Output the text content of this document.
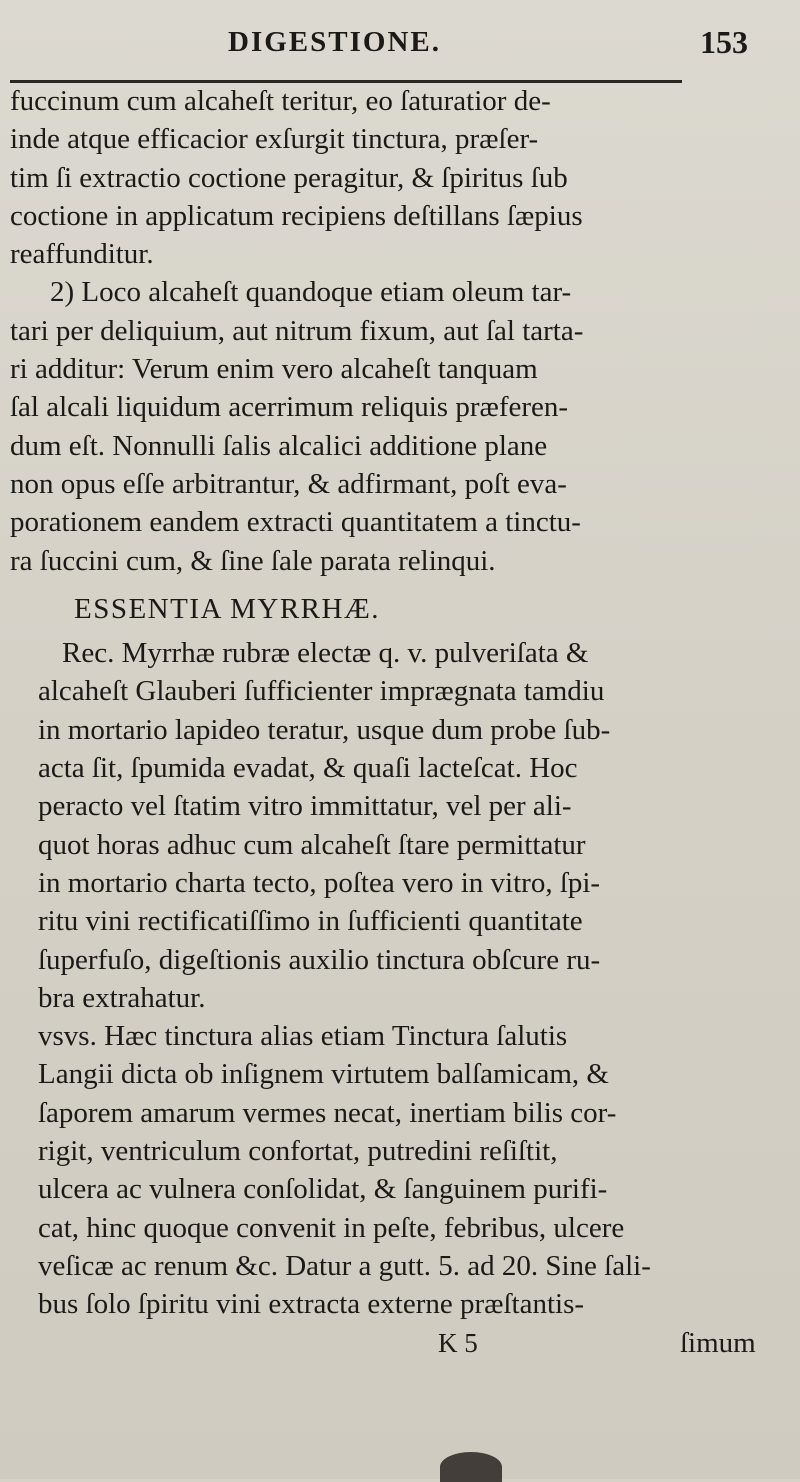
DIGESTIONE.	153
fuccinum cum alcaheſt teritur, eo ſaturatior de-
inde atque efficacior exſurgit tinctura, præſer-
tim ſi extractio coctione peragitur, & ſpiritus ſub
coctione in applicatum recipiens deſtillans ſæpius
reaffunditur.
2) Loco alcaheſt quandoque etiam oleum tar-
tari per deliquium, aut nitrum fixum, aut ſal tarta-
ri additur: Verum enim vero alcaheſt tanquam
ſal alcali liquidum acerrimum reliquis præferen-
dum eſt. Nonnulli ſalis alcalici additione plane
non opus eſſe arbitrantur, & adfirmant, poſt eva-
porationem eandem extracti quantitatem a tinctu-
ra ſuccini cum, & ſine ſale parata relinqui.
ESSENTIA MYRRHÆ.
Rec. Myrrhæ rubræ electæ q. v. pulveriſata &
alcaheſt Glauberi ſufficienter imprægnata tamdiu
in mortario lapideo teratur, usque dum probe ſub-
acta ſit, ſpumida evadat, & quaſi lacteſcat. Hoc
peracto vel ſtatim vitro immittatur, vel per ali-
quot horas adhuc cum alcaheſt ſtare permittatur
in mortario charta tecto, poſtea vero in vitro, ſpi-
ritu vini rectificatiſſimo in ſufficienti quantitate
ſuperfuſo, digeſtionis auxilio tinctura obſcure ru-
bra extrahatur.
vsvs. Hæc tinctura alias etiam Tinctura ſalutis
Langii dicta ob inſignem virtutem balſamicam, &
ſaporem amarum vermes necat, inertiam bilis cor-
rigit, ventriculum confortat, putredini reſiſtit,
ulcera ac vulnera conſolidat, & ſanguinem purifi-
cat, hinc quoque convenit in peſte, febribus, ulcere
veſicæ ac renum &c. Datur a gutt. 5. ad 20. Sine ſali-
bus ſolo ſpiritu vini extracta externe præſtantis-
K 5	ſimum
